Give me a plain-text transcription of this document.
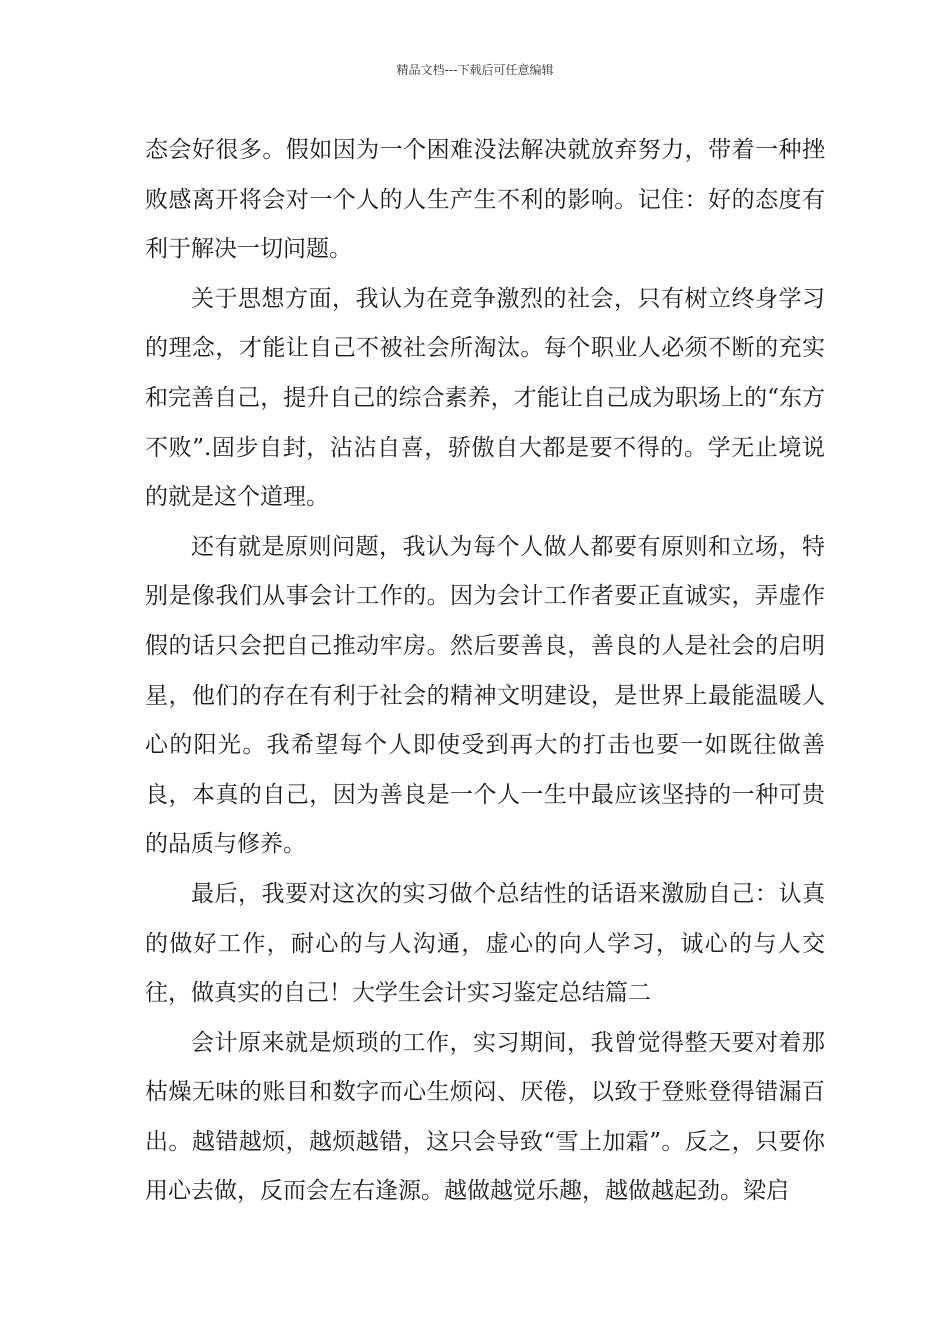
精品文档---下载后可任意编辑

态会好很多。假如因为一个困难没法解决就放弃努力，带着一种挫败感离开将会对一个人的人生产生不利的影响。记住：好的态度有利于解决一切问题。

关于思想方面，我认为在竞争激烈的社会，只有树立终身学习的理念，才能让自己不被社会所淘汰。每个职业人必须不断的充实和完善自己，提升自己的综合素养，才能让自己成为职场上的“东方不败”.固步自封，沾沾自喜，骄傲自大都是要不得的。学无止境说的就是这个道理。

还有就是原则问题，我认为每个人做人都要有原则和立场，特别是像我们从事会计工作的。因为会计工作者要正直诚实，弄虚作假的话只会把自己推动牢房。然后要善良，善良的人是社会的启明星，他们的存在有利于社会的精神文明建设，是世界上最能温暖人心的阳光。我希望每个人即使受到再大的打击也要一如既往做善良，本真的自己，因为善良是一个人一生中最应该坚持的一种可贵的品质与修养。

最后，我要对这次的实习做个总结性的话语来激励自己：认真的做好工作，耐心的与人沟通，虚心的向人学习，诚心的与人交往，做真实的自己！大学生会计实习鉴定总结篇二

会计原来就是烦琐的工作，实习期间，我曾觉得整天要对着那枯燥无味的账目和数字而心生烦闷、厌倦，以致于登账登得错漏百出。越错越烦，越烦越错，这只会导致“雪上加霜”。反之，只要你用心去做，反而会左右逢源。越做越觉乐趣，越做越起劲。梁启
